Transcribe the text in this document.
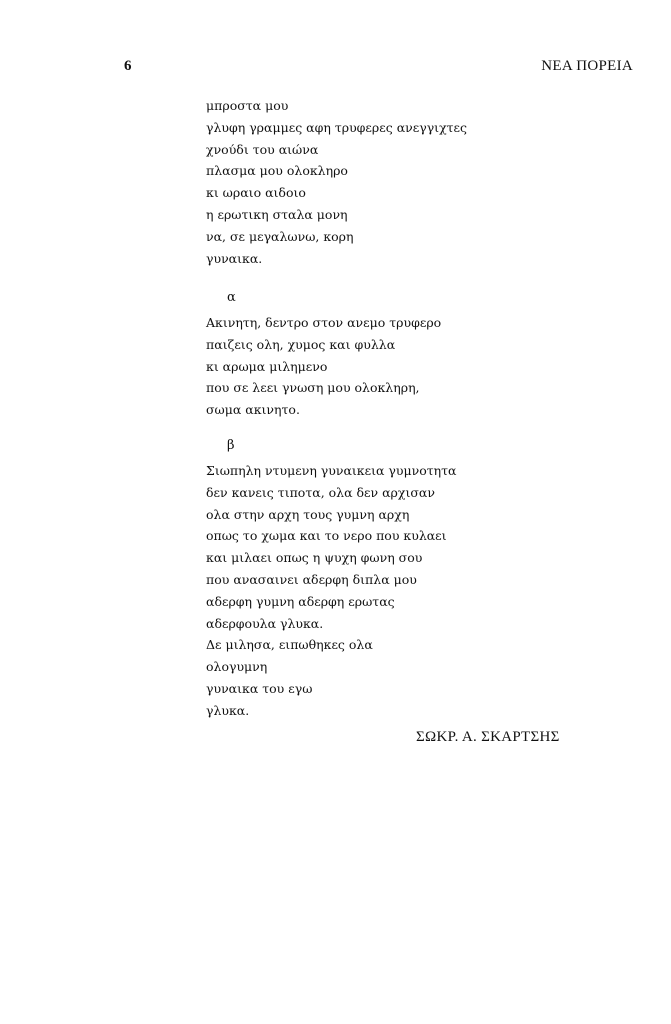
6	ΝΕΑ ΠΟΡΕΙΑ
μπροστα μου
γλυφη γραμμες αφη τρυφερες ανεγγιχτες
χνούδι του αιώνα
πλασμα μου ολοκληρο
κι ωραιο αιδοιο
η ερωτικη σταλα μονη
να, σε μεγαλωνω, κορη
γυναικα.
α
Ακινητη, δεντρο στον ανεμο τρυφερο
παιζεις ολη, χυμος και φυλλα
κι αρωμα μιλημενο
που σε λεει γνωση μου ολοκληρη,
σωμα ακινητο.
β
Σιωπηλη ντυμενη γυναικεια γυμνοτητα
δεν κανεις τιποτα, ολα δεν αρχισαν
ολα στην αρχη τους γυμνη αρχη
οπως το χωμα και το νερο που κυλαει
και μιλαει οπως η ψυχη φωνη σου
που ανασαινει αδερφη διπλα μου
αδερφη γυμνη αδερφη ερωτας
αδερφουλα γλυκα.
Δε μιλησα, ειπωθηκες ολα
ολογυμνη
γυναικα του εγω
γλυκα.
ΣΩΚΡ. Α. ΣΚΑΡΤΣΗΣ
